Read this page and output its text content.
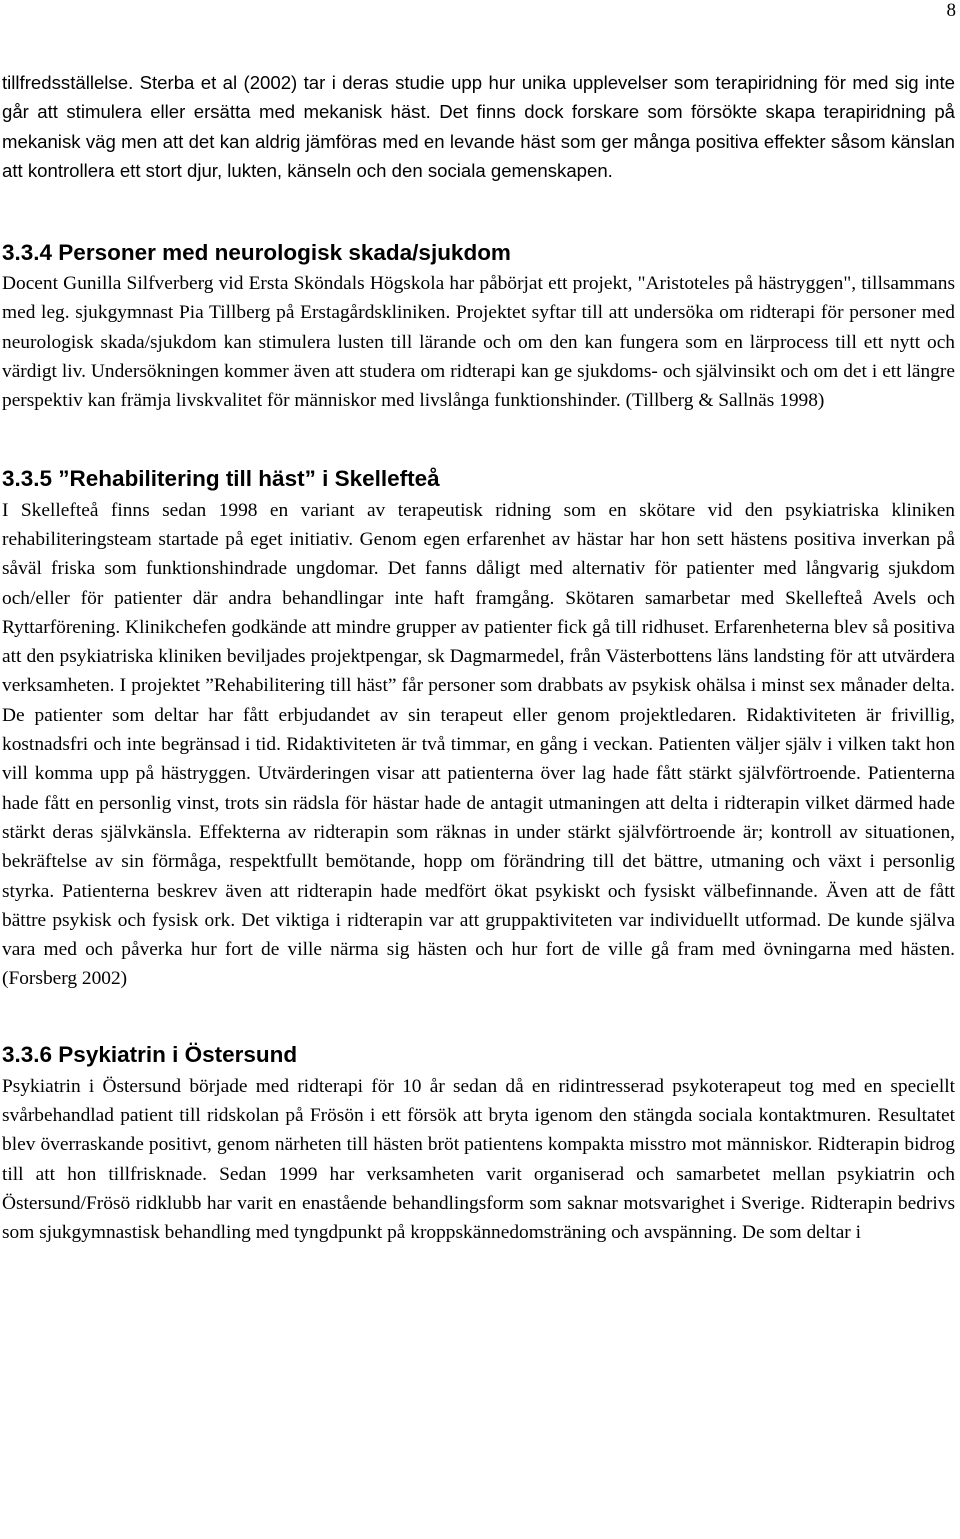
8

tillfredsställelse. Sterba et al (2002) tar i deras studie upp hur unika upplevelser som terapiridning för med sig inte går att stimulera eller ersätta med mekanisk häst. Det finns dock forskare som försökte skapa terapiridning på mekanisk väg men att det kan aldrig jämföras med en levande häst som ger många positiva effekter såsom känslan att kontrollera ett stort djur, lukten, känseln och den sociala gemenskapen.

3.3.4 Personer med neurologisk skada/sjukdom

Docent Gunilla Silfverberg vid Ersta Sköndals Högskola har påbörjat ett projekt, "Aristoteles på hästryggen", tillsammans med leg. sjukgymnast Pia Tillberg på Erstagårdskliniken. Projektet syftar till att undersöka om ridterapi för personer med neurologisk skada/sjukdom kan stimulera lusten till lärande och om den kan fungera som en lärprocess till ett nytt och värdigt liv. Undersökningen kommer även att studera om ridterapi kan ge sjukdoms- och självinsikt och om det i ett längre perspektiv kan främja livskvalitet för människor med livslånga funktionshinder. (Tillberg & Sallnäs 1998)

3.3.5 ”Rehabilitering till häst” i Skellefteå

I Skellefteå finns sedan 1998 en variant av terapeutisk ridning som en skötare vid den psykiatriska kliniken rehabiliteringsteam startade på eget initiativ. Genom egen erfarenhet av hästar har hon sett hästens positiva inverkan på såväl friska som funktionshindrade ungdomar. Det fanns dåligt med alternativ för patienter med långvarig sjukdom och/eller för patienter där andra behandlingar inte haft framgång. Skötaren samarbetar med Skellefteå Avels och Ryttarförening. Klinikchefen godkände att mindre grupper av patienter fick gå till ridhuset. Erfarenheterna blev så positiva att den psykiatriska kliniken beviljades projektpengar, sk Dagmarmedel, från Västerbottens läns landsting för att utvärdera verksamheten. I projektet ”Rehabilitering till häst” får personer som drabbats av psykisk ohälsa i minst sex månader delta. De patienter som deltar har fått erbjudandet av sin terapeut eller genom projektledaren. Ridaktiviteten är frivillig, kostnadsfri och inte begränsad i tid. Ridaktiviteten är två timmar, en gång i veckan. Patienten väljer själv i vilken takt hon vill komma upp på hästryggen. Utvärderingen visar att patienterna över lag hade fått stärkt självförtroende. Patienterna hade fått en personlig vinst, trots sin rädsla för hästar hade de antagit utmaningen att delta i ridterapin vilket därmed hade stärkt deras självkänsla. Effekterna av ridterapin som räknas in under stärkt självförtroende är; kontroll av situationen, bekräftelse av sin förmåga, respektfullt bemötande, hopp om förändring till det bättre, utmaning och växt i personlig styrka. Patienterna beskrev även att ridterapin hade medfört ökat psykiskt och fysiskt välbefinnande. Även att de fått bättre psykisk och fysisk ork. Det viktiga i ridterapin var att gruppaktiviteten var individuellt utformad. De kunde själva vara med och påverka hur fort de ville närma sig hästen och hur fort de ville gå fram med övningarna med hästen. (Forsberg 2002)

3.3.6 Psykiatrin i Östersund

Psykiatrin i Östersund började med ridterapi för 10 år sedan då en ridintresserad psykoterapeut tog med en speciellt svårbehandlad patient till ridskolan på Frösön i ett försök att bryta igenom den stängda sociala kontaktmuren. Resultatet blev överraskande positivt, genom närheten till hästen bröt patientens kompakta misstro mot människor. Ridterapin bidrog till att hon tillfrisknade. Sedan 1999 har verksamheten varit organiserad och samarbetet mellan psykiatrin och Östersund/Frösö ridklubb har varit en enastående behandlingsform som saknar motsvarighet i Sverige. Ridterapin bedrivs som sjukgymnastisk behandling med tyngdpunkt på kroppskännedomsträning och avspänning. De som deltar i
